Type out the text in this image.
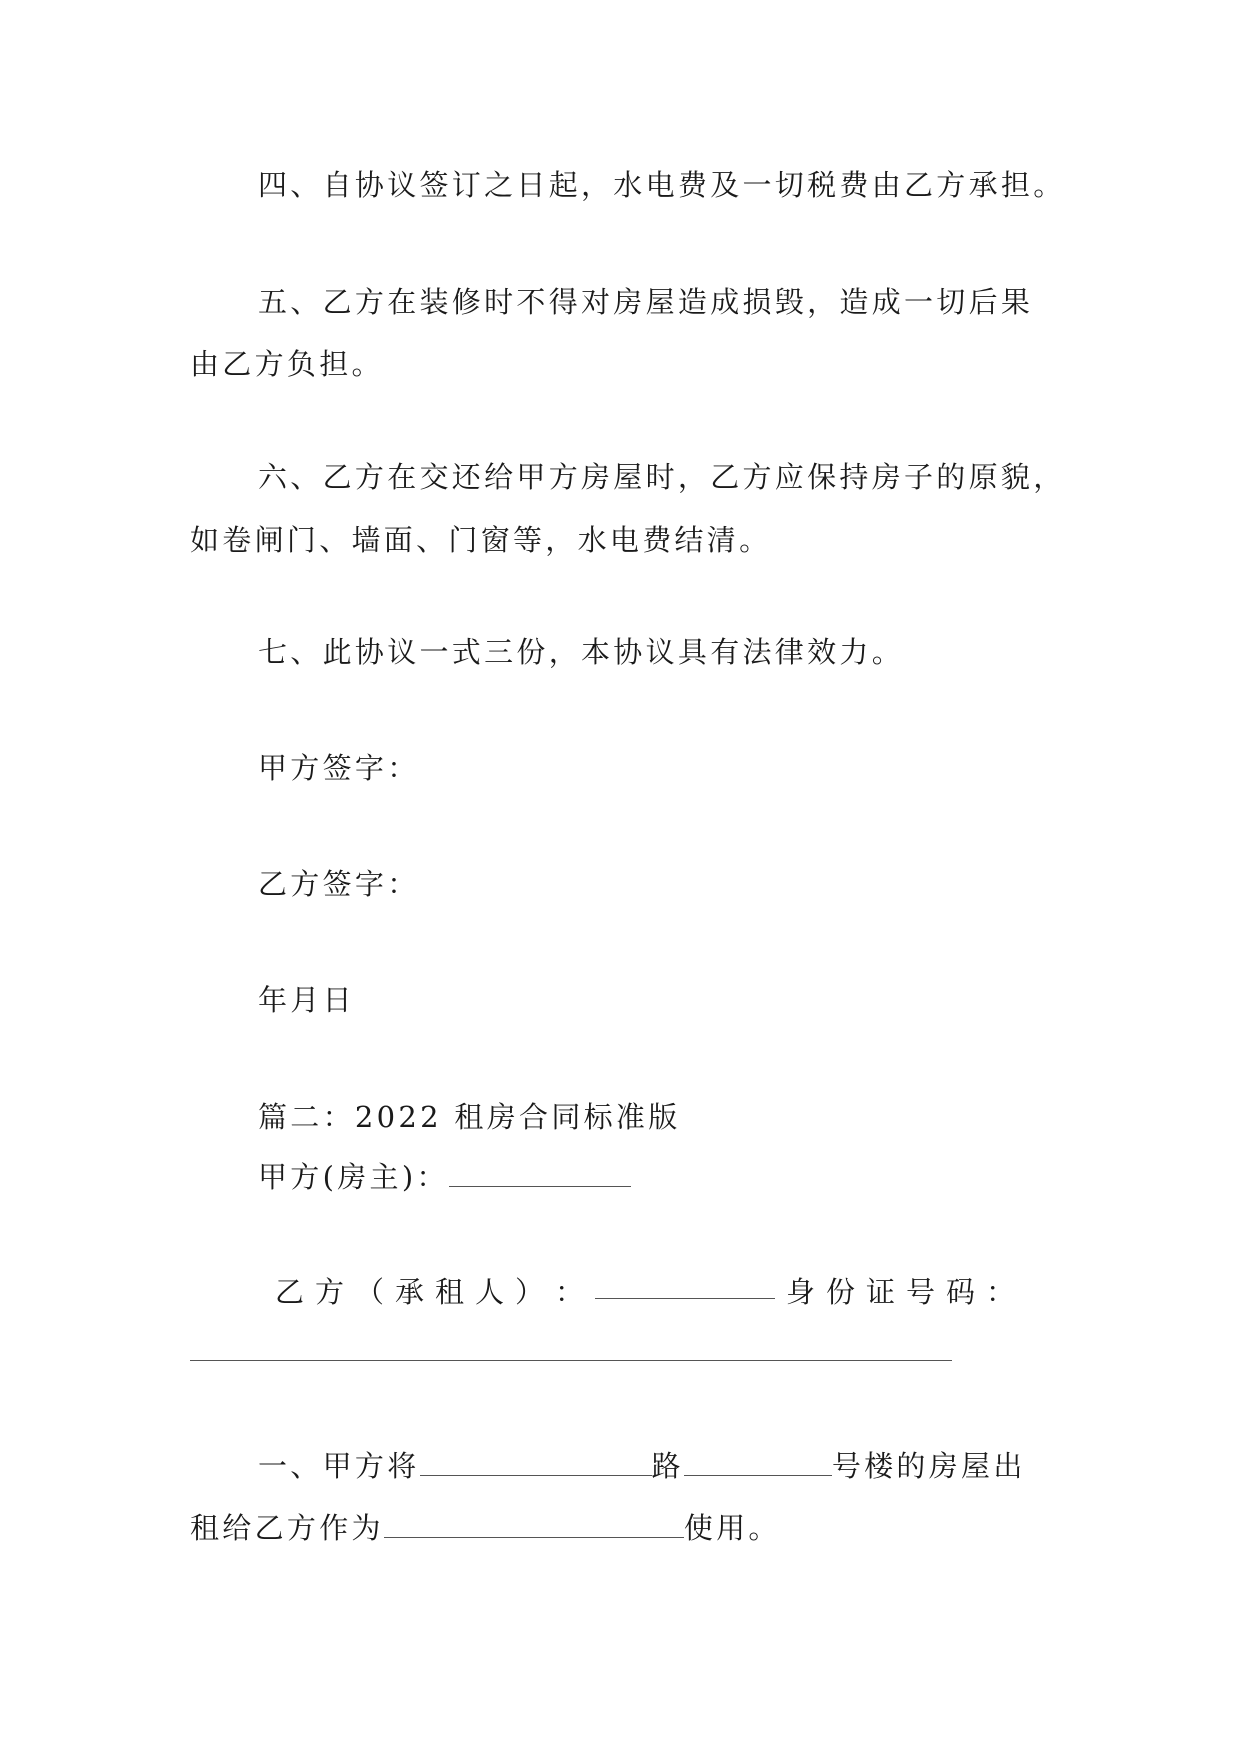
四、自协议签订之日起，水电费及一切税费由乙方承担。
五、乙方在装修时不得对房屋造成损毁，造成一切后果
由乙方负担。
六、乙方在交还给甲方房屋时，乙方应保持房子的原貌，
如卷闸门、墙面、门窗等，水电费结清。
七、此协议一式三份，本协议具有法律效力。
甲方签字：
乙方签字：
年月日
篇二：2022 租房合同标准版
甲方(房主)：
乙 方 （ 承 租 人 ） ：	身 份 证 号 码 ：
一、甲方将	路	号楼的房屋出
租给乙方作为	使用。
